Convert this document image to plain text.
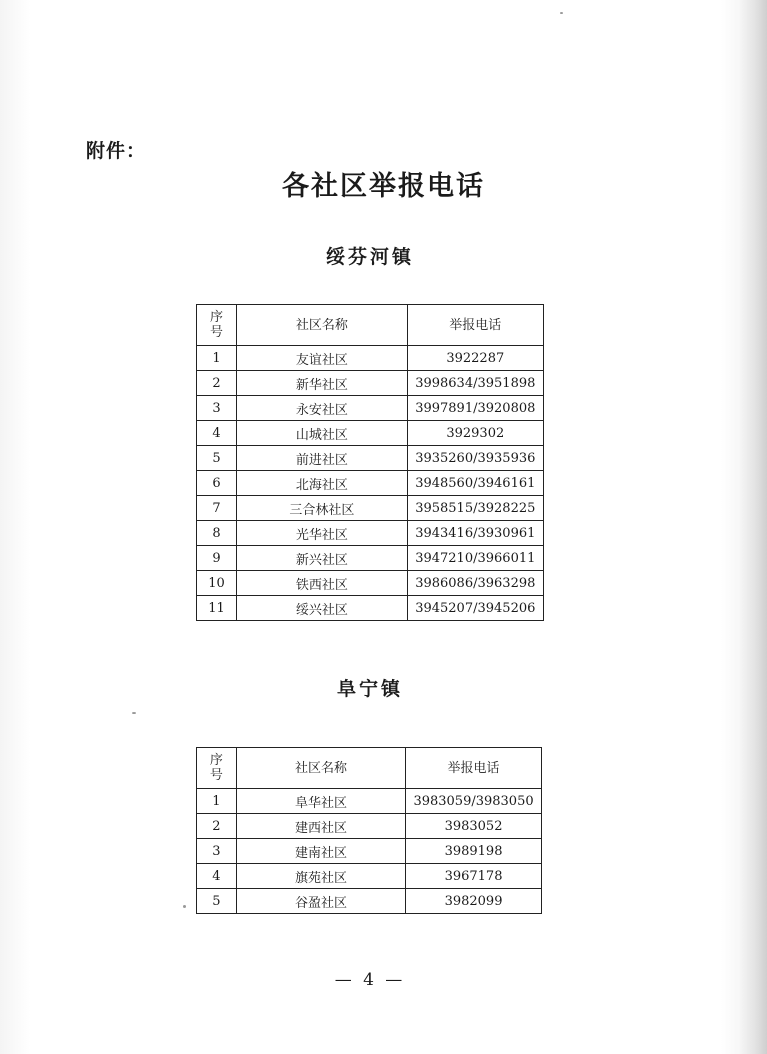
附件：
各社区举报电话
绥芬河镇
序号	社区名称	举报电话
1	友谊社区	3922287
2	新华社区	3998634/3951898
3	永安社区	3997891/3920808
4	山城社区	3929302
5	前进社区	3935260/3935936
6	北海社区	3948560/3946161
7	三合林社区	3958515/3928225
8	光华社区	3943416/3930961
9	新兴社区	3947210/3966011
10	铁西社区	3986086/3963298
11	绥兴社区	3945207/3945206
阜宁镇
序号	社区名称	举报电话
1	阜华社区	3983059/3983050
2	建西社区	3983052
3	建南社区	3989198
4	旗苑社区	3967178
5	谷盈社区	3982099
— 4 —
